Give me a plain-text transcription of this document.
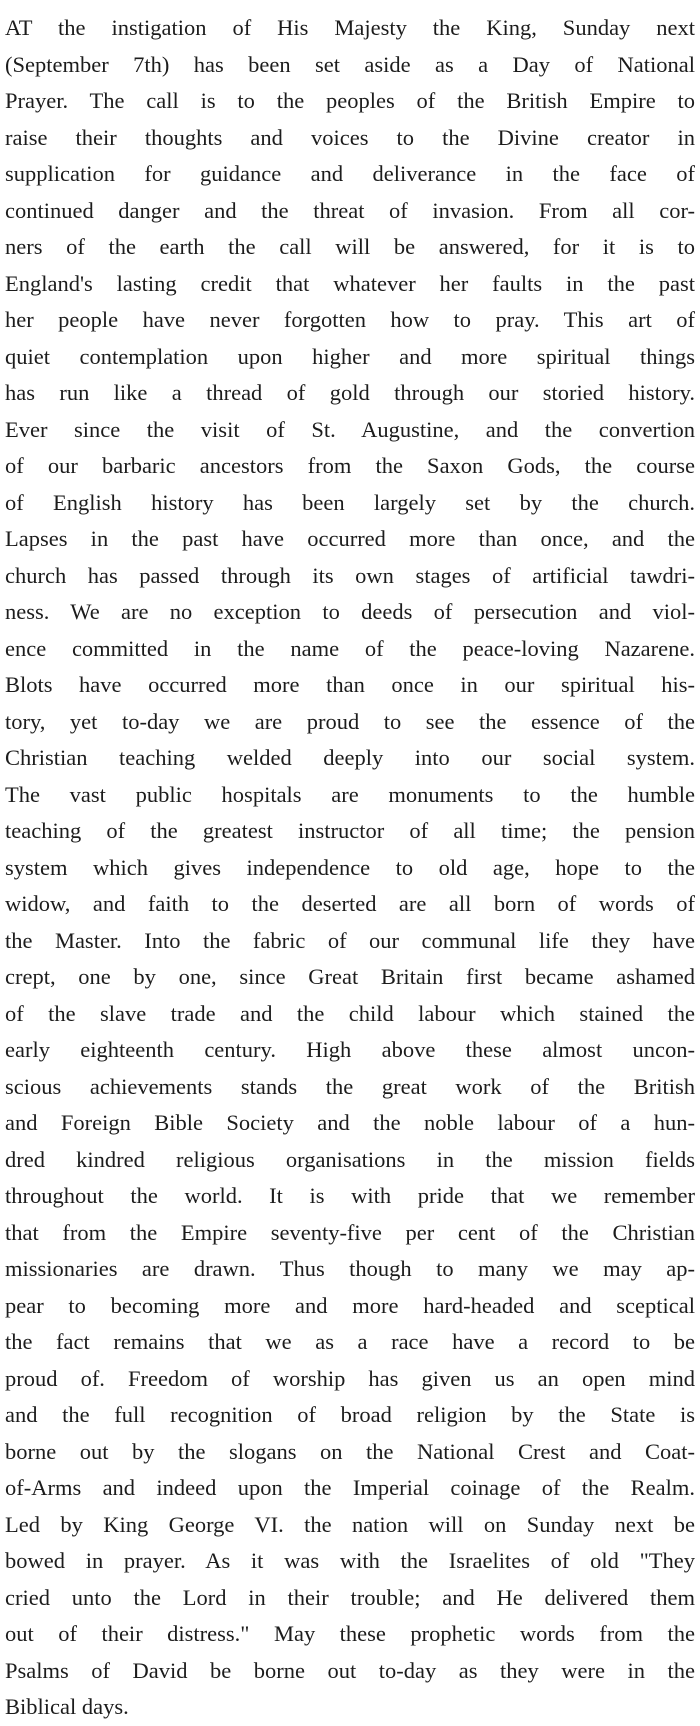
AT the instigation of His Majesty the King, Sunday next
(September 7th) has been set aside as a Day of National
Prayer. The call is to the peoples of the British Empire to
raise their thoughts and voices to the Divine creator in
supplication for guidance and deliverance in the face of
continued danger and the threat of invasion. From all cor-
ners of the earth the call will be answered, for it is to
England's lasting credit that whatever her faults in the past
her people have never forgotten how to pray. This art of
quiet contemplation upon higher and more spiritual things
has run like a thread of gold through our storied history.
Ever since the visit of St. Augustine, and the convertion
of our barbaric ancestors from the Saxon Gods, the course
of English history has been largely set by the church.
Lapses in the past have occurred more than once, and the
church has passed through its own stages of artificial tawdri-
ness. We are no exception to deeds of persecution and viol-
ence committed in the name of the peace-loving Nazarene.
Blots have occurred more than once in our spiritual his-
tory, yet to-day we are proud to see the essence of the
Christian teaching welded deeply into our social system.
The vast public hospitals are monuments to the humble
teaching of the greatest instructor of all time; the pension
system which gives independence to old age, hope to the
widow, and faith to the deserted are all born of words of
the Master. Into the fabric of our communal life they have
crept, one by one, since Great Britain first became ashamed
of the slave trade and the child labour which stained the
early eighteenth century. High above these almost uncon-
scious achievements stands the great work of the British
and Foreign Bible Society and the noble labour of a hun-
dred kindred religious organisations in the mission fields
throughout the world. It is with pride that we remember
that from the Empire seventy-five per cent of the Christian
missionaries are drawn. Thus though to many we may ap-
pear to becoming more and more hard-headed and sceptical
the fact remains that we as a race have a record to be
proud of. Freedom of worship has given us an open mind
and the full recognition of broad religion by the State is
borne out by the slogans on the National Crest and Coat-
of-Arms and indeed upon the Imperial coinage of the Realm.
Led by King George VI. the nation will on Sunday next be
bowed in prayer. As it was with the Israelites of old "They
cried unto the Lord in their trouble; and He delivered them
out of their distress." May these prophetic words from the
Psalms of David be borne out to-day as they were in the
Biblical days.
